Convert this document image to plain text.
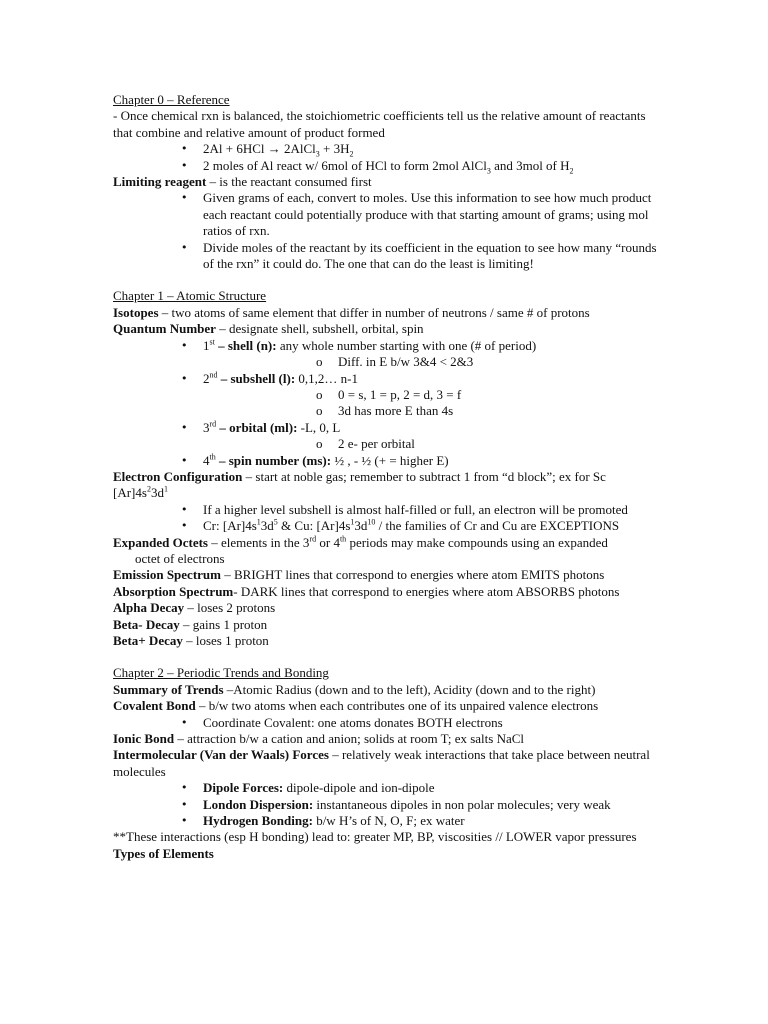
Chapter 0 – Reference
- Once chemical rxn is balanced, the stoichiometric coefficients tell us the relative amount of reactants that combine and relative amount of product formed
• 2Al + 6HCl → 2AlCl$_3$ + $3H_2$
• 2 moles of Al react w/ 6mol of HCl to form 2mol AlCl$_3$ and 3mol of $H_2$
Limiting reagent – is the reactant consumed first
• Given grams of each, convert to moles. Use this information to see how much product each reactant could potentially produce with that starting amount of grams; using mol ratios of rxn.
• Divide moles of the reactant by its coefficient in the equation to see how many “rounds of the rxn” it could do. The one that can do the least is limiting!
Chapter 1 – Atomic Structure
Isotopes – two atoms of same element that differ in number of neutrons / same # of protons
Quantum Number – designate shell, subshell, orbital, spin
• 1st – shell (n): any whole number starting with one (# of period)
o Diff. in E b/w 3&4 < 2&3
• 2nd – subshell (l): 0,1,2… n-1
o 0 = s, 1 = p, 2 = d, 3 = f
o 3d has more E than 4s
• 3rd – orbital (ml): -L, 0, L
o 2 e- per orbital
• 4th – spin number (ms): ½ , - ½ (+ = higher E)
Electron Configuration – start at noble gas; remember to subtract 1 from “d block”; ex for Sc $[Ar]4s^23d^1$
• If a higher level subshell is almost half-filled or full, an electron will be promoted
• Cr: $[Ar]4s^13d^5$ & Cu: $[Ar]4s^13d^{10}$ / the families of Cr and Cu are EXCEPTIONS
Expanded Octets – elements in the 3rd or 4th periods may make compounds using an expanded
octet of electrons
Emission Spectrum – BRIGHT lines that correspond to energies where atom EMITS photons
Absorption Spectrum- DARK lines that correspond to energies where atom ABSORBS photons
Alpha Decay – loses 2 protons
Beta- Decay – gains 1 proton
Beta+ Decay – loses 1 proton
Chapter 2 – Periodic Trends and Bonding
Summary of Trends –Atomic Radius (down and to the left), Acidity (down and to the right)
Covalent Bond – b/w two atoms when each contributes one of its unpaired valence electrons
• Coordinate Covalent: one atoms donates BOTH electrons
Ionic Bond – attraction b/w a cation and anion; solids at room T; ex salts NaCl
Intermolecular (Van der Waals) Forces – relatively weak interactions that take place between neutral molecules
• Dipole Forces: dipole-dipole and ion-dipole
• London Dispersion: instantaneous dipoles in non polar molecules; very weak
• Hydrogen Bonding: b/w H’s of N, O, F; ex water
**These interactions (esp H bonding) lead to: greater MP, BP, viscosities // LOWER vapor pressures
Types of Elements
